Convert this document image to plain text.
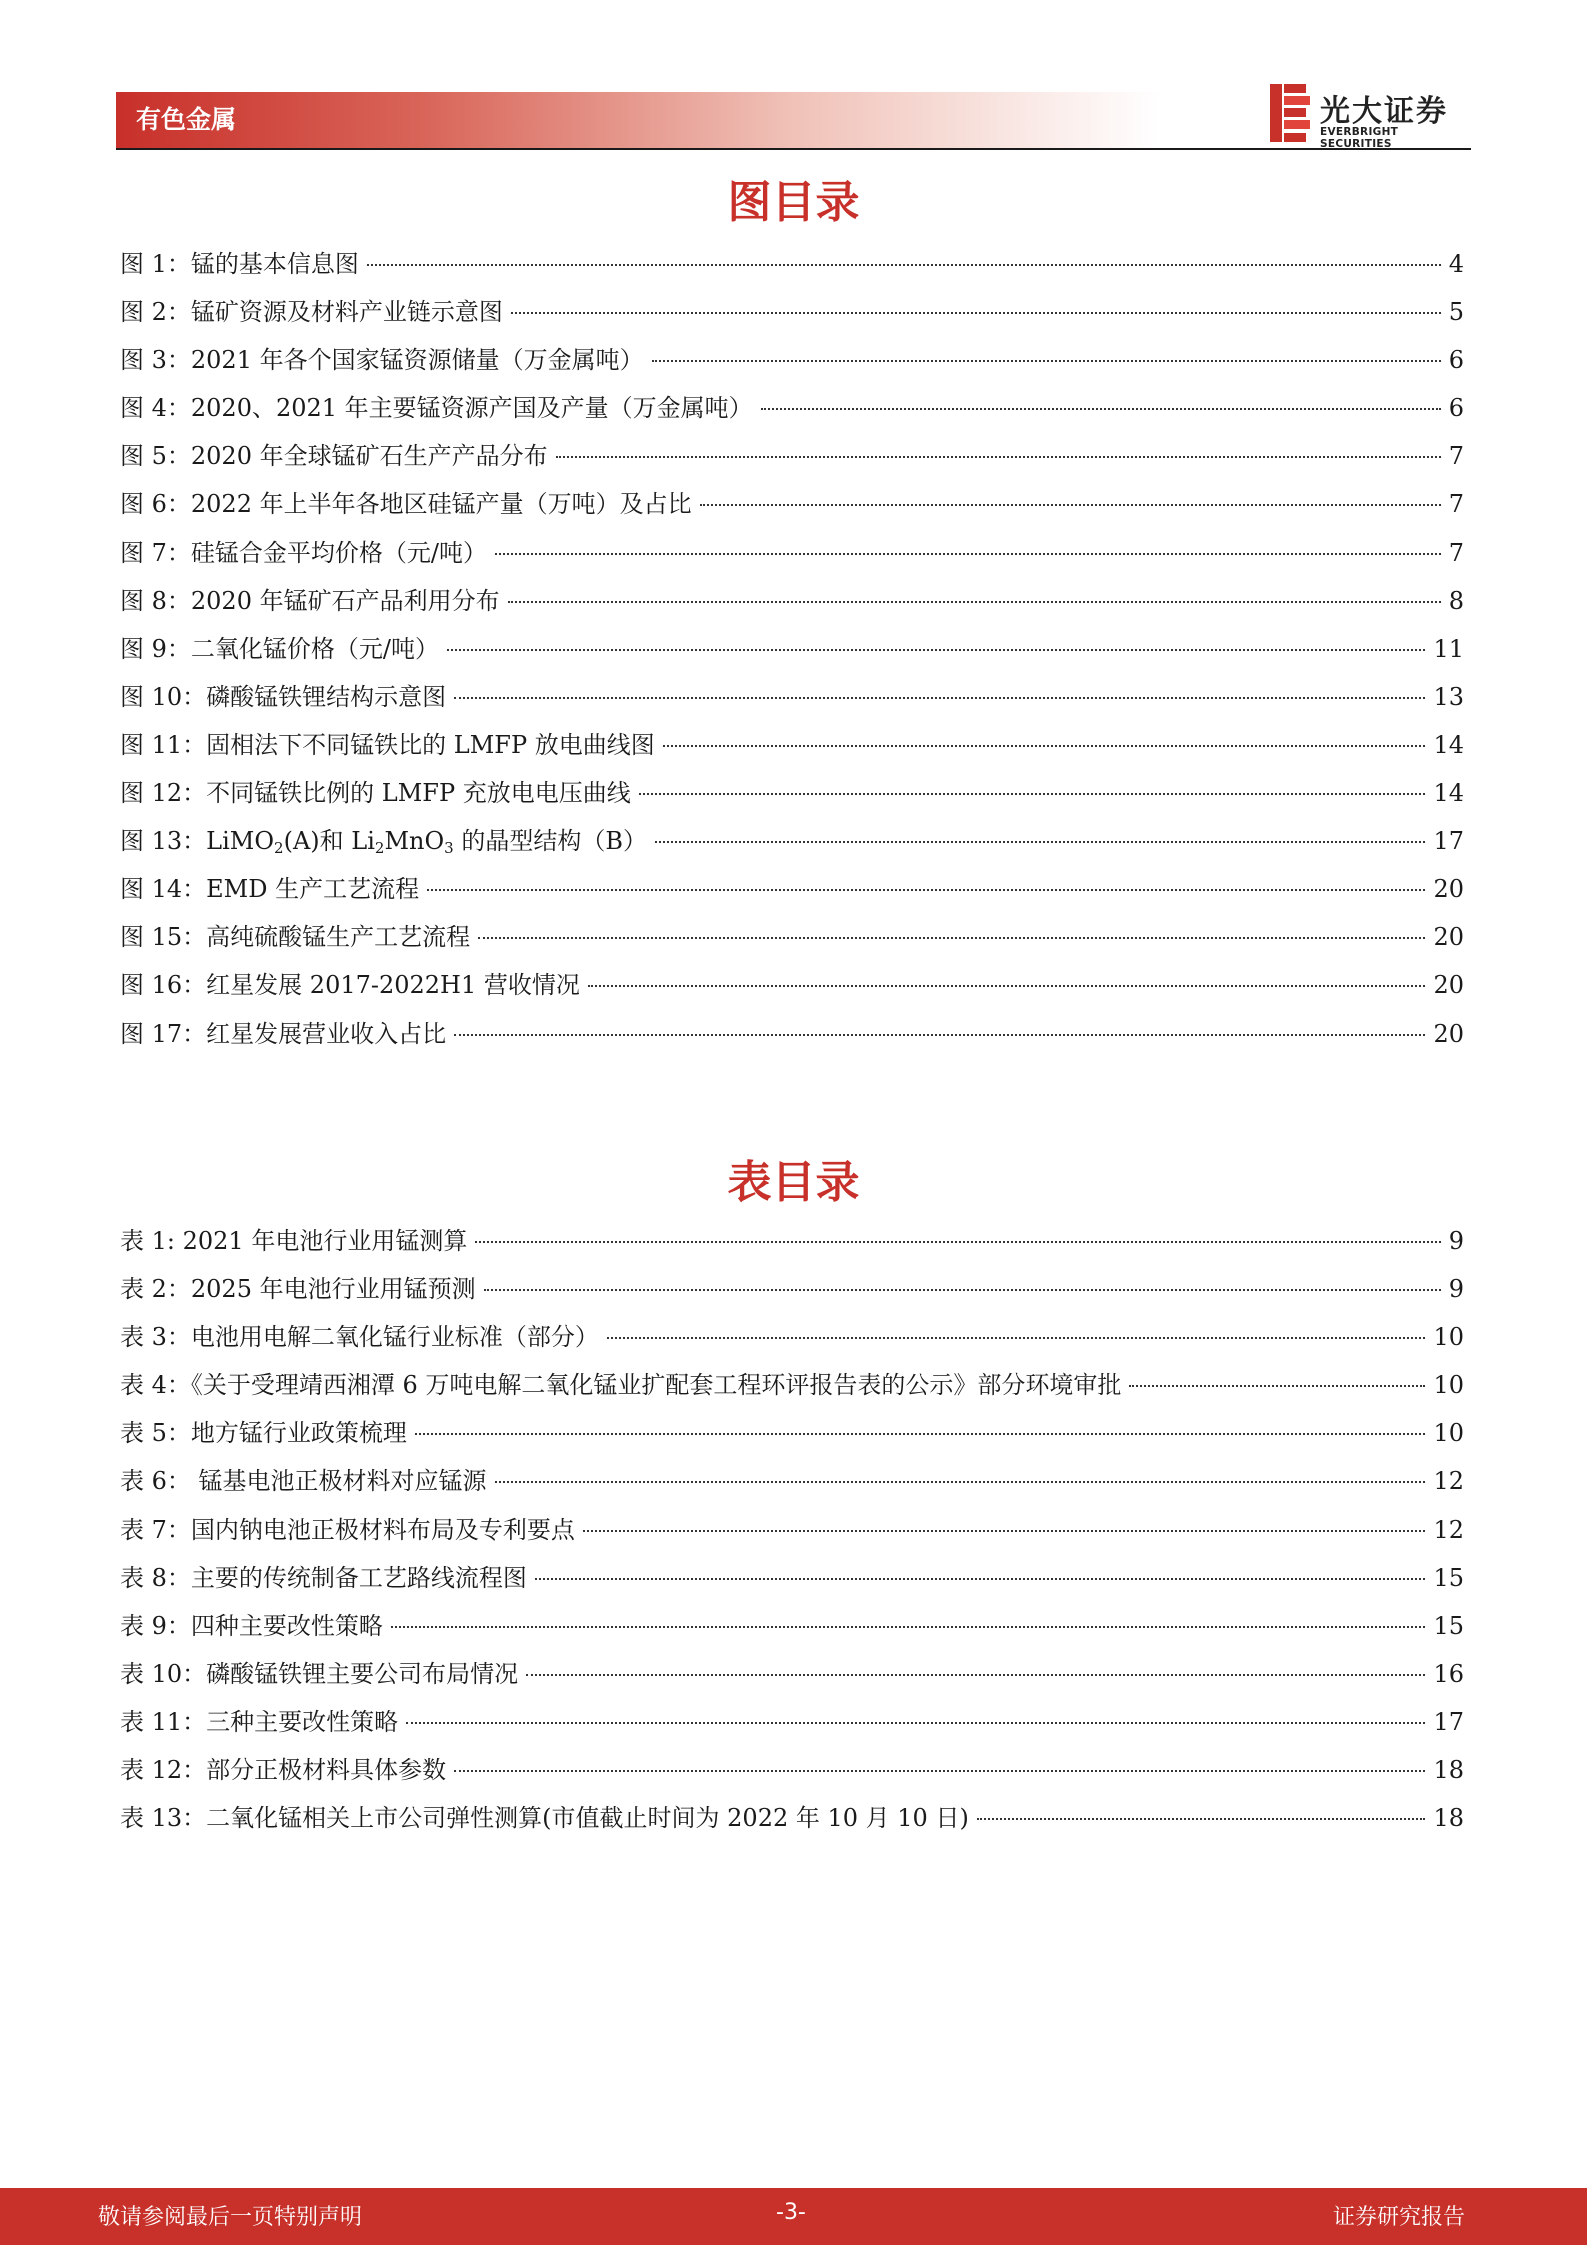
有色金属	光大证券
EVERBRIGHT SECURITIES
图目录
图 1：锰的基本信息图	4
图 2：锰矿资源及材料产业链示意图	5
图 3：2021 年各个国家锰资源储量（万金属吨）	6
图 4：2020、2021 年主要锰资源产国及产量（万金属吨）	6
图 5：2020 年全球锰矿石生产产品分布	7
图 6：2022 年上半年各地区硅锰产量（万吨）及占比	7
图 7：硅锰合金平均价格（元/吨）	7
图 8：2020 年锰矿石产品利用分布	8
图 9：二氧化锰价格（元/吨）	11
图 10：磷酸锰铁锂结构示意图	13
图 11：固相法下不同锰铁比的 LMFP 放电曲线图	14
图 12：不同锰铁比例的 LMFP 充放电电压曲线	14
图 13：LiMO$_2$(A)和 $Li_2MnO_3$ 的晶型结构（B）	17
图 14：EMD 生产工艺流程	20
图 15：高纯硫酸锰生产工艺流程	20
图 16：红星发展 2017-2022H1 营收情况	20
图 17：红星发展营业收入占比	20
表目录
表 1: 2021 年电池行业用锰测算	9
表 2：2025 年电池行业用锰预测	9
表 3：电池用电解二氧化锰行业标准（部分）	10
表 4：《关于受理靖西湘潭 6 万吨电解二氧化锰业扩配套工程环评报告表的公示》部分环境审批	10
表 5：地方锰行业政策梳理	10
表 6： 锰基电池正极材料对应锰源	12
表 7：国内钠电池正极材料布局及专利要点	12
表 8：主要的传统制备工艺路线流程图	15
表 9：四种主要改性策略	15
表 10：磷酸锰铁锂主要公司布局情况	16
表 11：三种主要改性策略	17
表 12：部分正极材料具体参数	18
表 13：二氧化锰相关上市公司弹性测算(市值截止时间为 2022 年 10 月 10 日)	18
敬请参阅最后一页特别声明	-3-	证券研究报告
